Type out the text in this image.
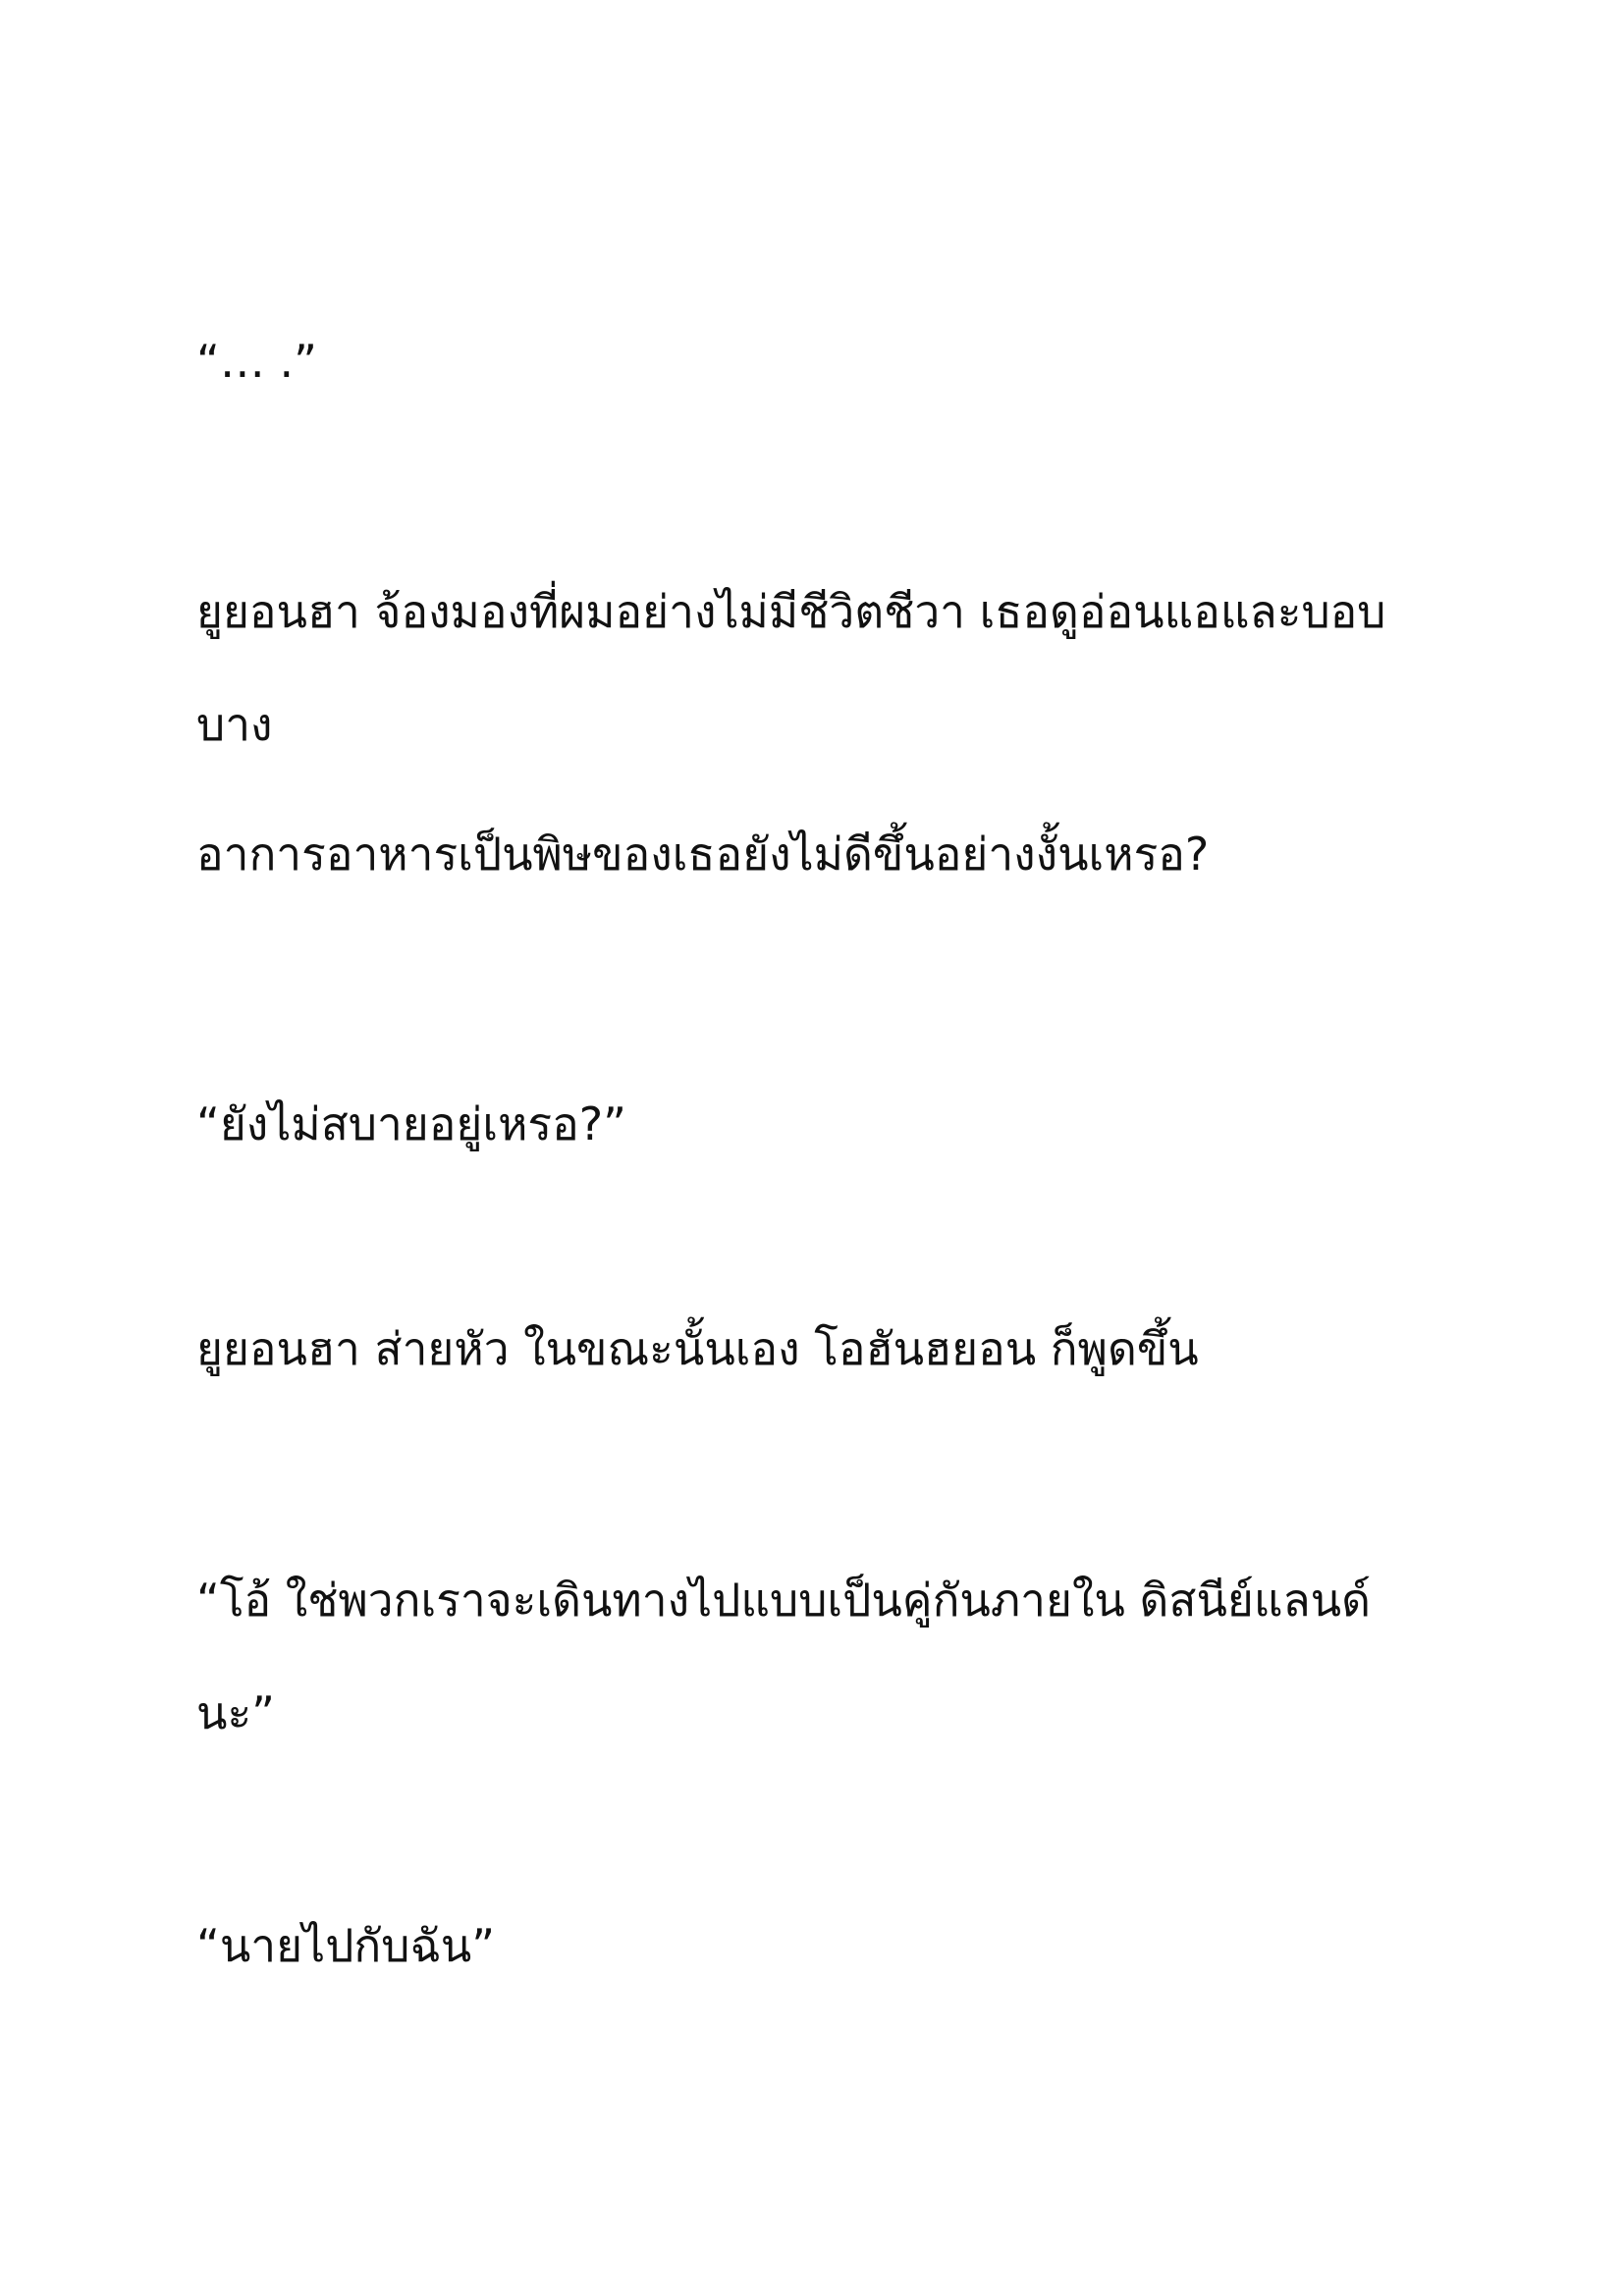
“… .”
ยูยอนฮา จ้องมองที่ผมอย่างไม่มีชีวิตชีวา เธอดูอ่อนแอและบอบ
บาง
อาการอาหารเป็นพิษของเธอยังไม่ดีขึ้นอย่างงั้นเหรอ?
“ยังไม่สบายอยู่เหรอ?”
ยูยอนฮา ส่ายหัว ในขณะนั้นเอง โอฮันฮยอน ก็พูดขึ้น
“โอ้ ใช่พวกเราจะเดินทางไปแบบเป็นคู่กันภายใน ดิสนีย์แลนด์
นะ”
“นายไปกับฉัน”
